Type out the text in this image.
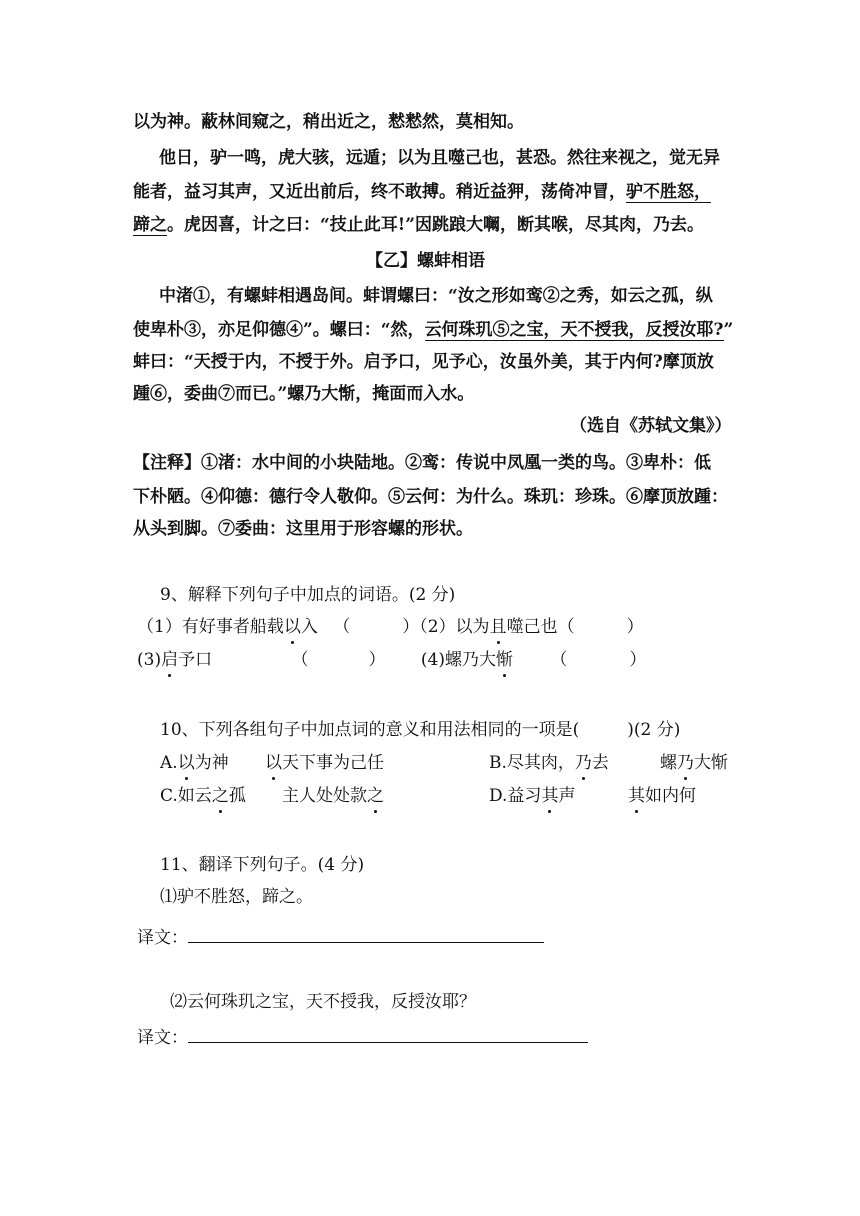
以为神。蔽林间窥之，稍出近之，慭慭然，莫相知。
他日，驴一鸣，虎大骇，远遁；以为且噬己也，甚恐。然往来视之，觉无异
能者，益习其声，又近出前后，终不敢搏。稍近益狎，荡倚冲冒，驴不胜怒，
蹄之。虎因喜，计之曰：“技止此耳!”因跳踉大㘎，断其喉，尽其肉，乃去。
【乙】螺蚌相语
中渚①，有螺蚌相遇岛间。蚌谓螺曰：“汝之形如鸾②之秀，如云之孤，纵
使卑朴③，亦足仰德④”。螺曰：“然，云何珠玑⑤之宝，天不授我，反授汝耶?”
蚌曰：“天授于内，不授于外。启予口，见予心，汝虽外美，其于内何?摩顶放
踵⑥，委曲⑦而已。”螺乃大惭，掩面而入水。
（选自《苏轼文集》）
【注释】①渚：水中间的小块陆地。②鸾：传说中凤凰一类的鸟。③卑朴：低
下朴陋。④仰德：德行令人敬仰。⑤云何：为什么。珠玑：珍珠。⑥摩顶放踵：
从头到脚。⑦委曲：这里用于形容螺的形状。
9、解释下列句子中加点的词语。(2 分)
（1）有好事者船载以入 （	）（2）以为且噬己也（	）
(3)启予口	（	） (4)螺乃大惭 （	）
10、下列各组句子中加点词的意义和用法相同的一项是(	)(2 分)
A.以为神 以天下事为己任	B.尽其肉，乃去	螺乃大惭
C.如云之孤 主人处处款之	D.益习其声	其如内何
11、翻译下列句子。(4 分)
⑴驴不胜怒，蹄之。
译文：
⑵云何珠玑之宝，天不授我，反授汝耶？
译文：
